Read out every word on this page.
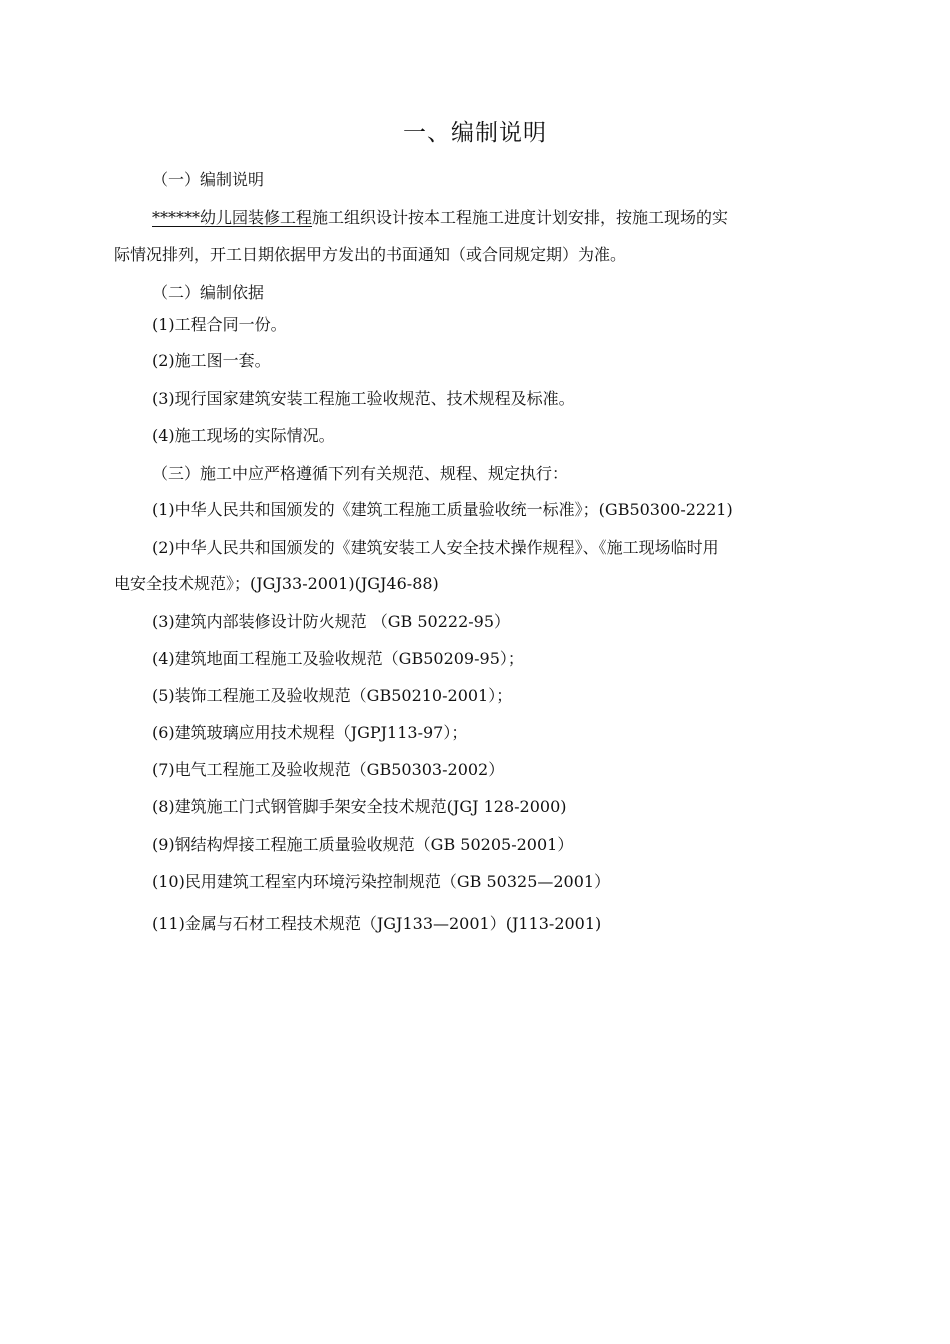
一、编制说明
（一）编制说明
******幼儿园装修工程施工组织设计按本工程施工进度计划安排，按施工现场的实
际情况排列，开工日期依据甲方发出的书面通知（或合同规定期）为准。
（二）编制依据
(1)工程合同一份。
(2)施工图一套。
(3)现行国家建筑安装工程施工验收规范、技术规程及标准。
(4)施工现场的实际情况。
（三）施工中应严格遵循下列有关规范、规程、规定执行：
(1)中华人民共和国颁发的《建筑工程施工质量验收统一标准》；(GB50300-2221)
(2)中华人民共和国颁发的《建筑安装工人安全技术操作规程》、《施工现场临时用
电安全技术规范》；(JGJ33-2001)(JGJ46-88)
(3)建筑内部装修设计防火规范 （GB 50222-95）
(4)建筑地面工程施工及验收规范（GB50209-95）；
(5)装饰工程施工及验收规范（GB50210-2001）；
(6)建筑玻璃应用技术规程（JGPJ113-97）；
(7)电气工程施工及验收规范（GB50303-2002）
(8)建筑施工门式钢管脚手架安全技术规范(JGJ 128-2000)
(9)钢结构焊接工程施工质量验收规范（GB 50205-2001）
(10)民用建筑工程室内环境污染控制规范（GB 50325—2001）
(11)金属与石材工程技术规范（JGJ133—2001）(J113-2001)
